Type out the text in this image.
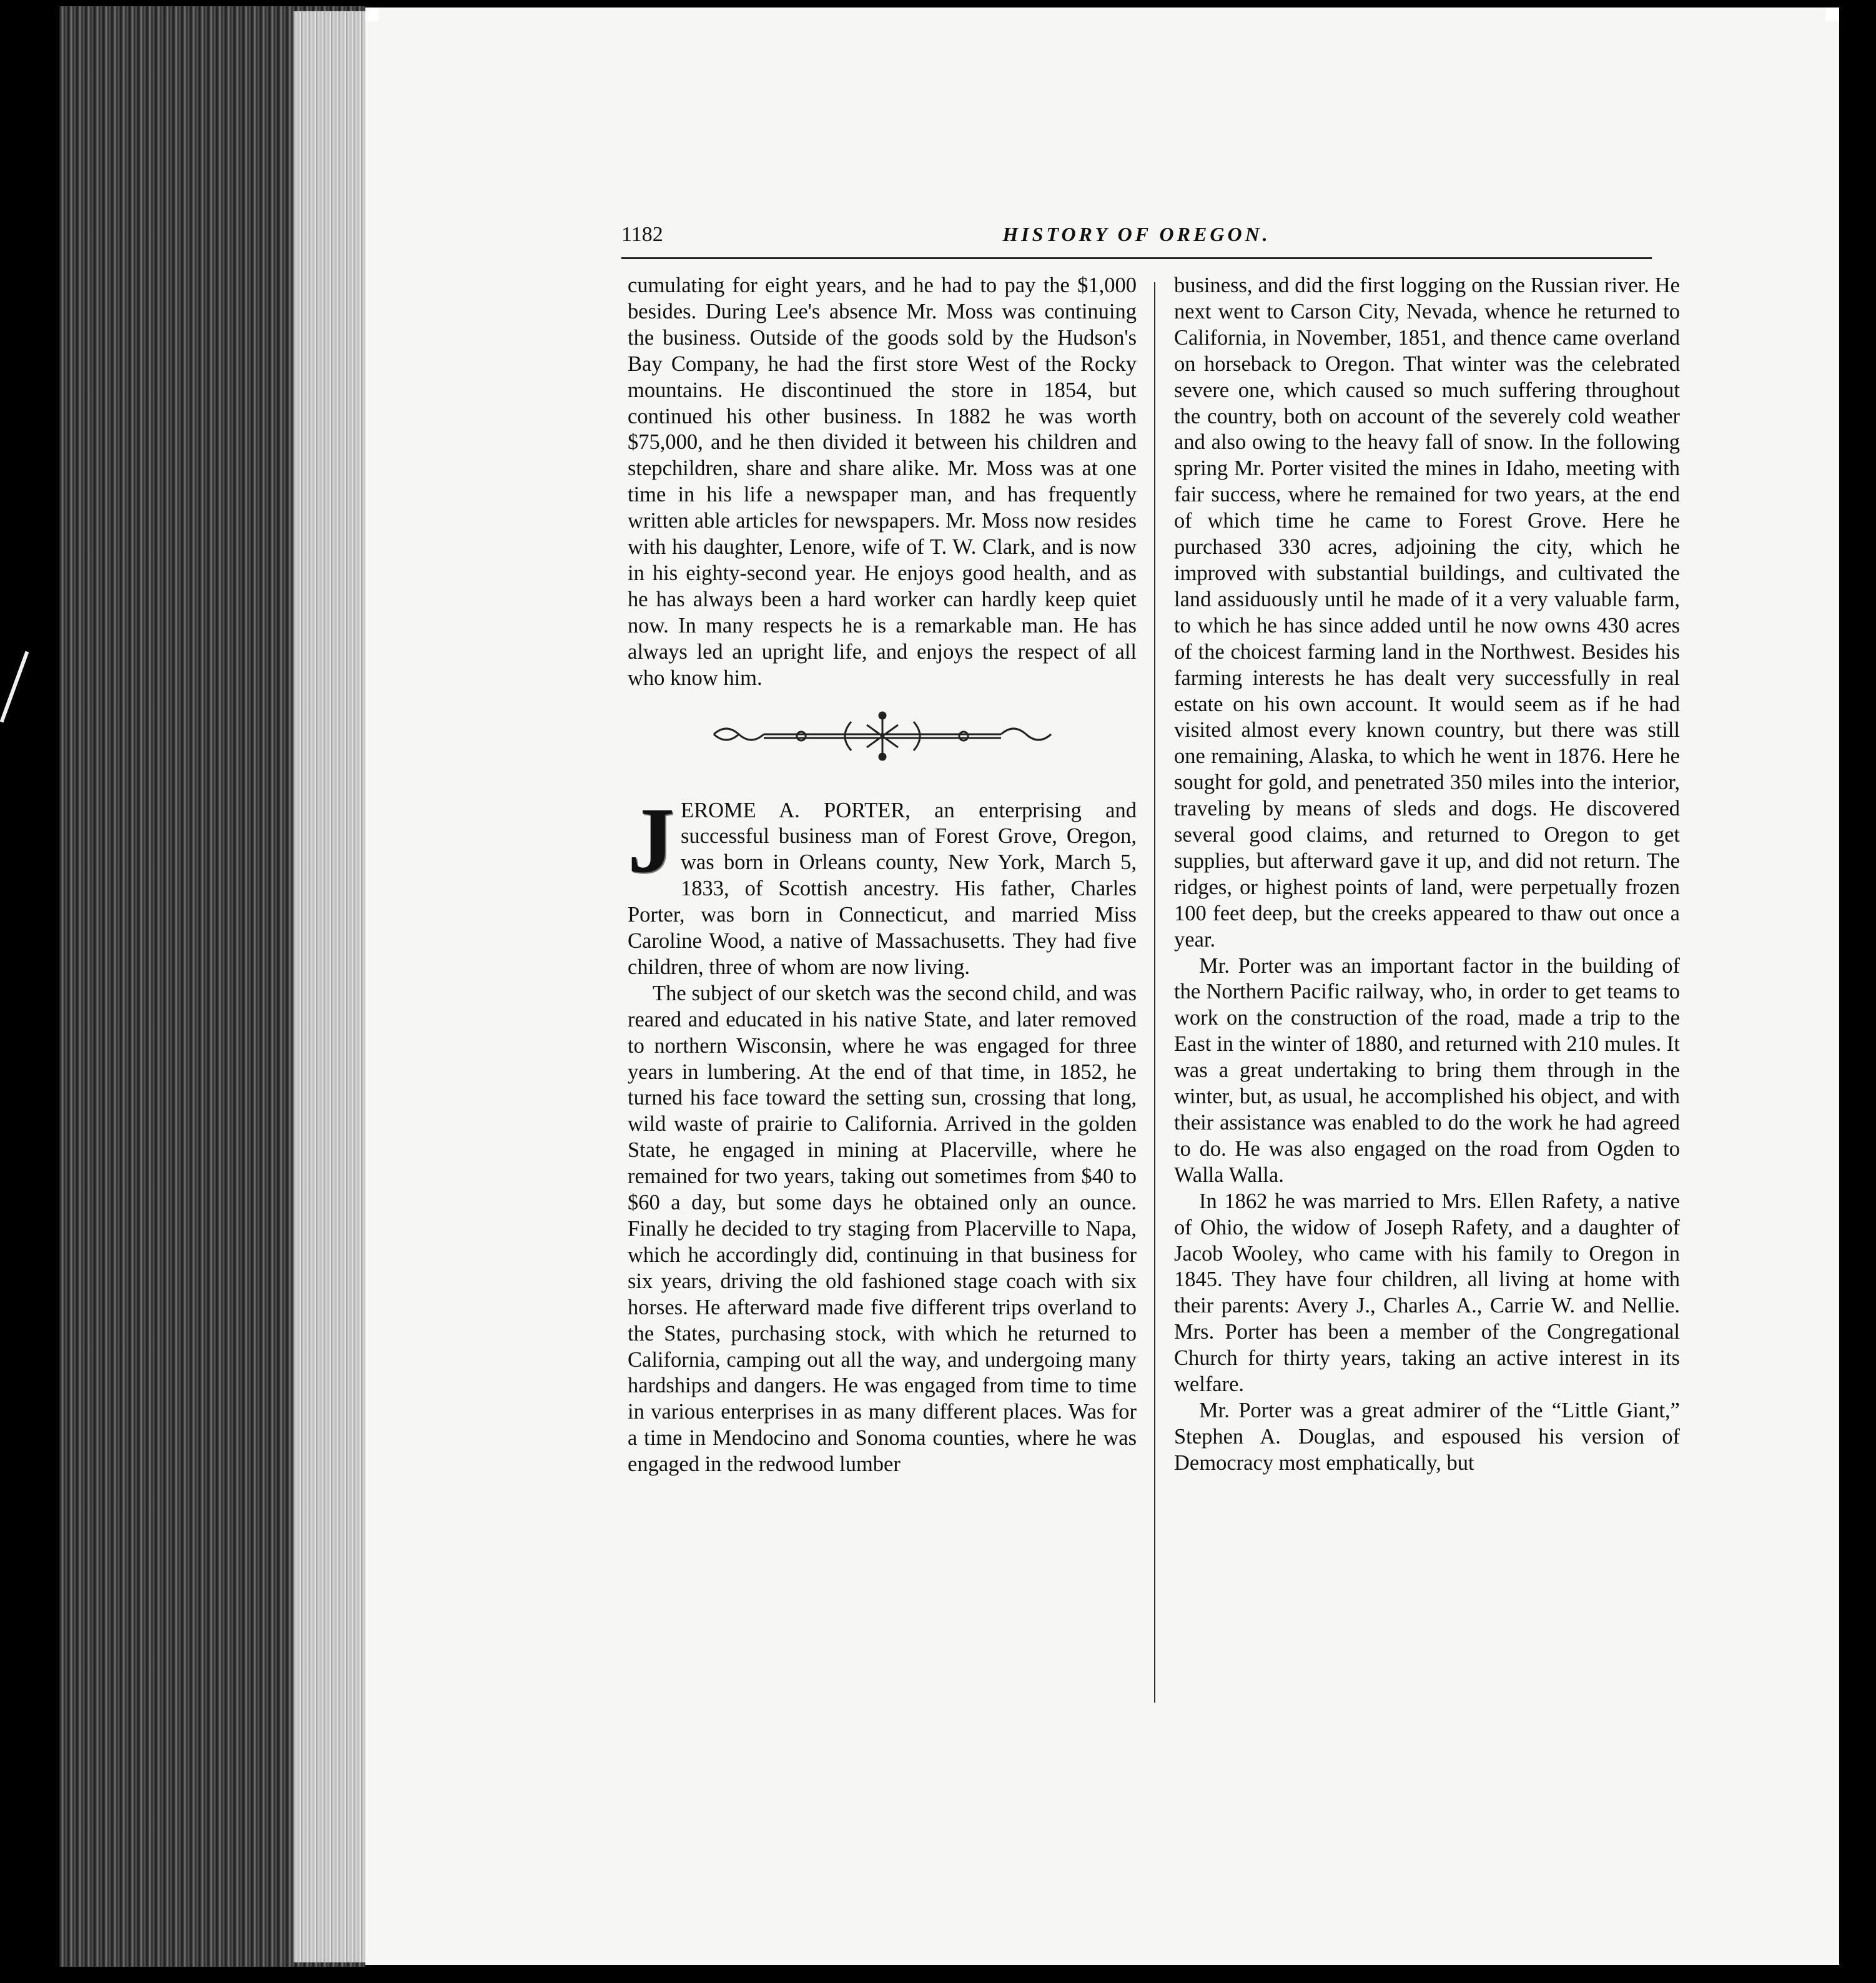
1182	HISTORY OF OREGON.

cumulating for eight years, and he had to pay the $1,000 besides. During Lee's absence Mr. Moss was continuing the business. Outside of the goods sold by the Hudson's Bay Company, he had the first store West of the Rocky mountains. He discontinued the store in 1854, but continued his other business. In 1882 he was worth $75,000, and he then divided it between his children and stepchildren, share and share alike. Mr. Moss was at one time in his life a newspaper man, and has frequently written able articles for newspapers. Mr. Moss now resides with his daughter, Lenore, wife of T. W. Clark, and is now in his eighty-second year. He enjoys good health, and as he has always been a hard worker can hardly keep quiet now. In many respects he is a remarkable man. He has always led an upright life, and enjoys the respect of all who know him.

JEROME A. PORTER, an enterprising and successful business man of Forest Grove, Oregon, was born in Orleans county, New York, March 5, 1833, of Scottish ancestry. His father, Charles Porter, was born in Connecticut, and married Miss Caroline Wood, a native of Massachusetts. They had five children, three of whom are now living.

The subject of our sketch was the second child, and was reared and educated in his native State, and later removed to northern Wisconsin, where he was engaged for three years in lumbering. At the end of that time, in 1852, he turned his face toward the setting sun, crossing that long, wild waste of prairie to California. Arrived in the golden State, he engaged in mining at Placerville, where he remained for two years, taking out sometimes from $40 to $60 a day, but some days he obtained only an ounce. Finally he decided to try staging from Placerville to Napa, which he accordingly did, continuing in that business for six years, driving the old fashioned stage coach with six horses. He afterward made five different trips overland to the States, purchasing stock, with which he returned to California, camping out all the way, and undergoing many hardships and dangers. He was engaged from time to time in various enterprises in as many different places. Was for a time in Mendocino and Sonoma counties, where he was engaged in the redwood lumber

business, and did the first logging on the Russian river. He next went to Carson City, Nevada, whence he returned to California, in November, 1851, and thence came overland on horseback to Oregon. That winter was the celebrated severe one, which caused so much suffering throughout the country, both on account of the severely cold weather and also owing to the heavy fall of snow. In the following spring Mr. Porter visited the mines in Idaho, meeting with fair success, where he remained for two years, at the end of which time he came to Forest Grove. Here he purchased 330 acres, adjoining the city, which he improved with substantial buildings, and cultivated the land assiduously until he made of it a very valuable farm, to which he has since added until he now owns 430 acres of the choicest farming land in the Northwest. Besides his farming interests he has dealt very successfully in real estate on his own account. It would seem as if he had visited almost every known country, but there was still one remaining, Alaska, to which he went in 1876. Here he sought for gold, and penetrated 350 miles into the interior, traveling by means of sleds and dogs. He discovered several good claims, and returned to Oregon to get supplies, but afterward gave it up, and did not return. The ridges, or highest points of land, were perpetually frozen 100 feet deep, but the creeks appeared to thaw out once a year.

Mr. Porter was an important factor in the building of the Northern Pacific railway, who, in order to get teams to work on the construction of the road, made a trip to the East in the winter of 1880, and returned with 210 mules. It was a great undertaking to bring them through in the winter, but, as usual, he accomplished his object, and with their assistance was enabled to do the work he had agreed to do. He was also engaged on the road from Ogden to Walla Walla.

In 1862 he was married to Mrs. Ellen Rafety, a native of Ohio, the widow of Joseph Rafety, and a daughter of Jacob Wooley, who came with his family to Oregon in 1845. They have four children, all living at home with their parents: Avery J., Charles A., Carrie W. and Nellie. Mrs. Porter has been a member of the Congregational Church for thirty years, taking an active interest in its welfare.

Mr. Porter was a great admirer of the “Little Giant,” Stephen A. Douglas, and espoused his version of Democracy most emphatically, but
